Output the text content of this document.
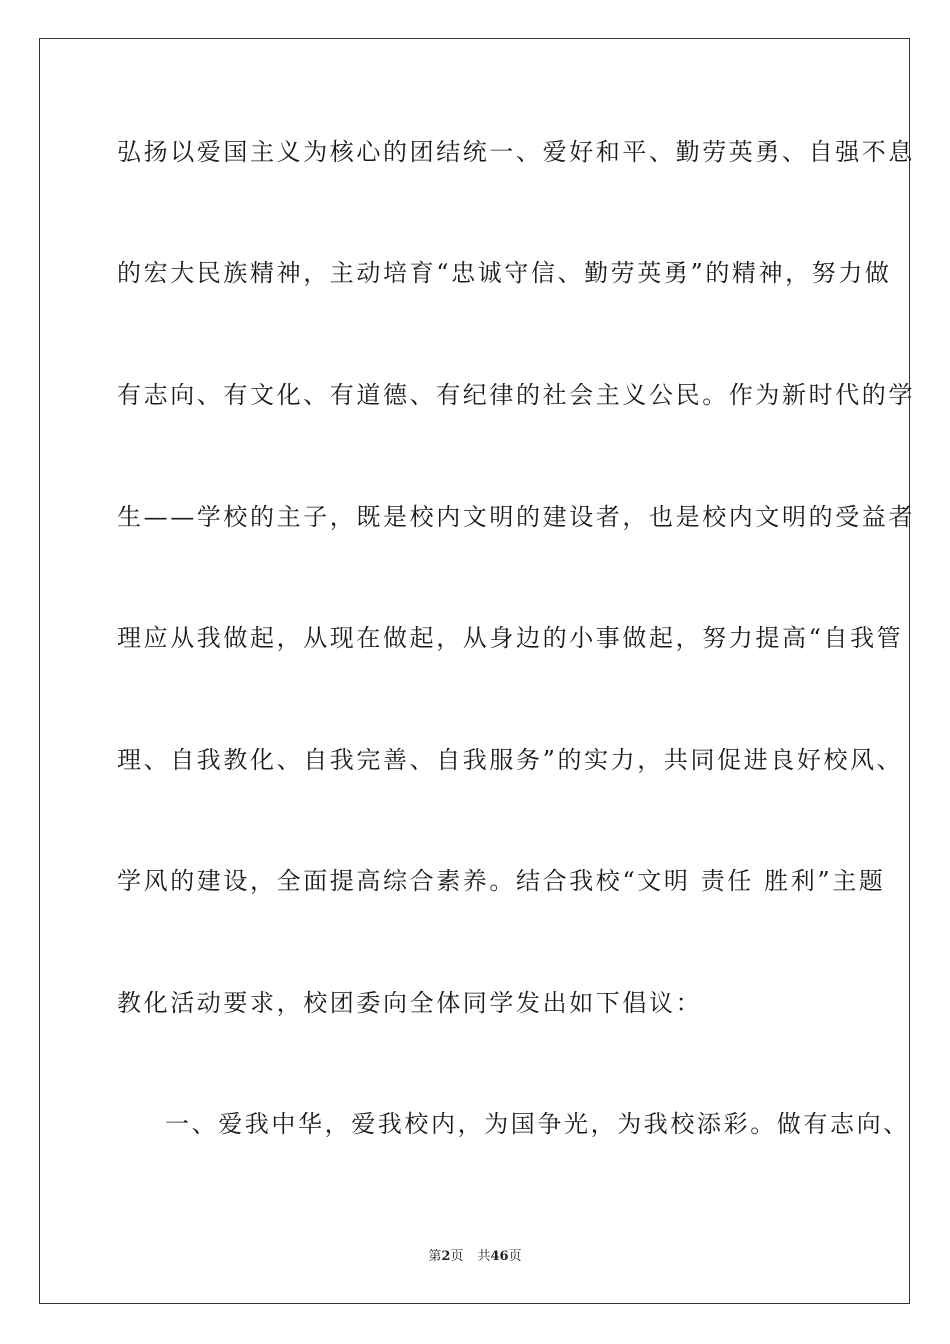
弘扬以爱国主义为核心的团结统一、爱好和平、勤劳英勇、自强不息
的宏大民族精神，主动培育“忠诚守信、勤劳英勇”的精神，努力做
有志向、有文化、有道德、有纪律的社会主义公民。作为新时代的学
生——学校的主子，既是校内文明的建设者，也是校内文明的受益者
理应从我做起，从现在做起，从身边的小事做起，努力提高“自我管
理、自我教化、自我完善、自我服务”的实力，共同促进良好校风、
学风的建设，全面提高综合素养。结合我校“文明 责任 胜利”主题
教化活动要求，校团委向全体同学发出如下倡议：
一、爱我中华，爱我校内，为国争光，为我校添彩。做有志向、
第2页 共46页
